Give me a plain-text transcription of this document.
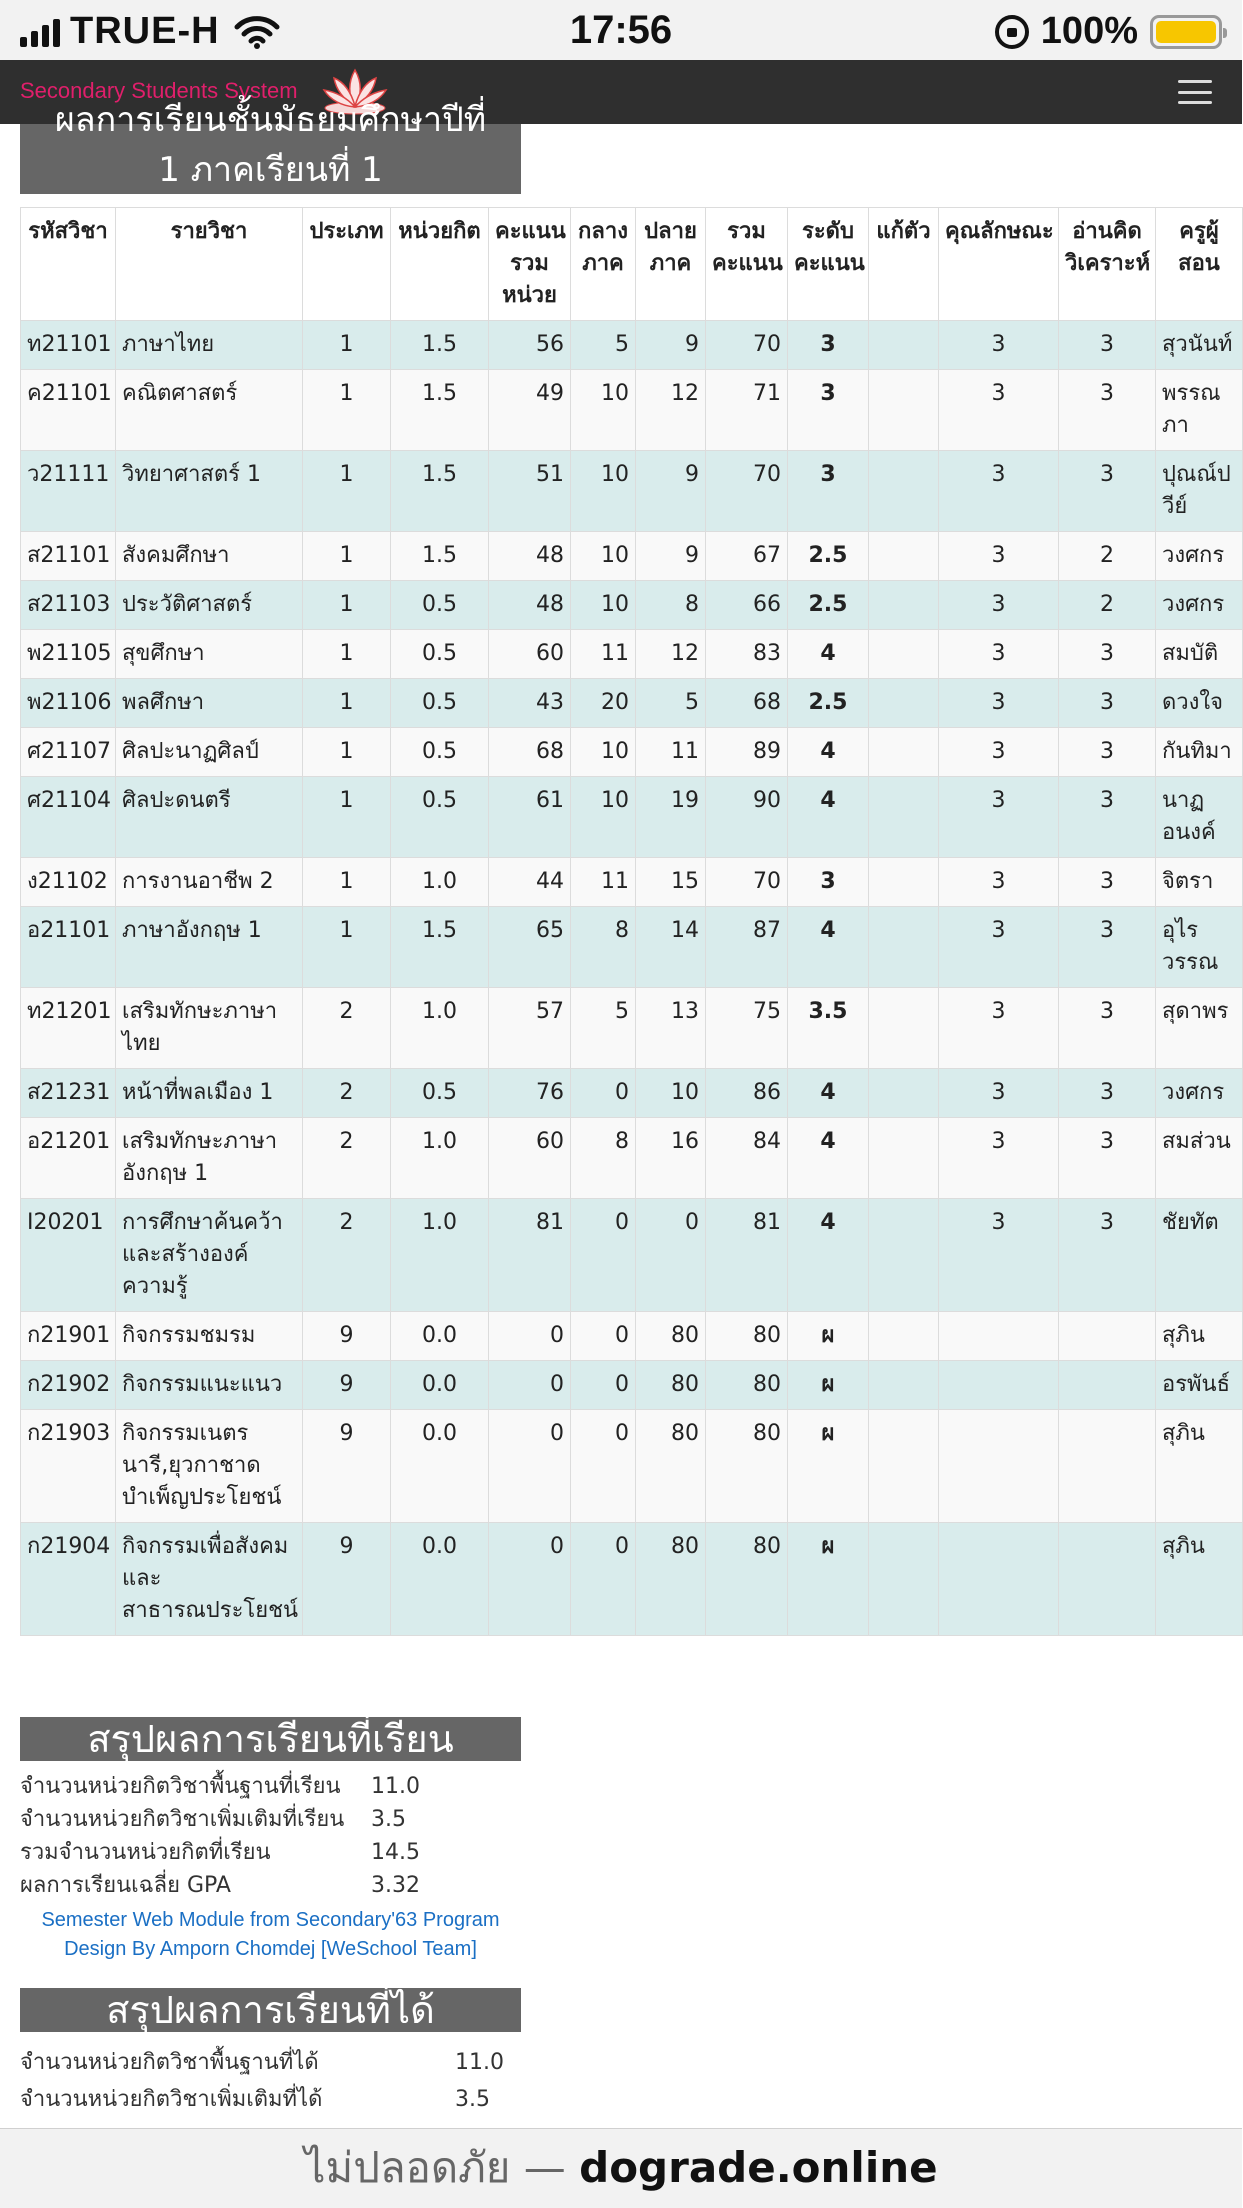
TRUE-H	17:56	100%
Secondary Students System
ผลการเรียนชั้นมัธยมศึกษาปีที่
1 ภาคเรียนที่ 1
รหัสวิชา	รายวิชา	ประเภท	หน่วยกิต	คะแนนรวมหน่วย	กลางภาค	ปลายภาค	รวมคะแนน	ระดับคะแนน	แก้ตัว	คุณลักษณะ	อ่านคิดวิเคราะห์	ครูผู้สอน
ท21101	ภาษาไทย	1	1.5	56	5	9	70	3		3	3	สุวนันท์
ค21101	คณิตศาสตร์	1	1.5	49	10	12	71	3		3	3	พรรณภา
ว21111	วิทยาศาสตร์ 1	1	1.5	51	10	9	70	3		3	3	ปุณณ์ปวีย์
ส21101	สังคมศึกษา	1	1.5	48	10	9	67	2.5		3	2	วงศกร
ส21103	ประวัติศาสตร์	1	0.5	48	10	8	66	2.5		3	2	วงศกร
พ21105	สุขศึกษา	1	0.5	60	11	12	83	4		3	3	สมบัติ
พ21106	พลศึกษา	1	0.5	43	20	5	68	2.5		3	3	ดวงใจ
ศ21107	ศิลปะนาฏศิลป์	1	0.5	68	10	11	89	4		3	3	กันทิมา
ศ21104	ศิลปะดนตรี	1	0.5	61	10	19	90	4		3	3	นาฏอนงค์
ง21102	การงานอาชีพ 2	1	1.0	44	11	15	70	3		3	3	จิตรา
อ21101	ภาษาอังกฤษ 1	1	1.5	65	8	14	87	4		3	3	อุไรวรรณ
ท21201	เสริมทักษะภาษาไทย	2	1.0	57	5	13	75	3.5		3	3	สุดาพร
ส21231	หน้าที่พลเมือง 1	2	0.5	76	0	10	86	4		3	3	วงศกร
อ21201	เสริมทักษะภาษาอังกฤษ 1	2	1.0	60	8	16	84	4		3	3	สมส่วน
I20201	การศึกษาค้นคว้าและสร้างองค์ความรู้	2	1.0	81	0	0	81	4		3	3	ชัยทัต
ก21901	กิจกรรมชมรม	9	0.0	0	0	80	80	ผ				สุภิน
ก21902	กิจกรรมแนะแนว	9	0.0	0	0	80	80	ผ				อรพันธ์
ก21903	กิจกรรมเนตรนารี,ยุวกาชาดบำเพ็ญประโยชน์	9	0.0	0	0	80	80	ผ				สุภิน
ก21904	กิจกรรมเพื่อสังคมและสาธารณประโยชน์	9	0.0	0	0	80	80	ผ				สุภิน
สรุปผลการเรียนที่เรียน
จำนวนหน่วยกิตวิชาพื้นฐานที่เรียน	11.0
จำนวนหน่วยกิตวิชาเพิ่มเติมที่เรียน	3.5
รวมจำนวนหน่วยกิตที่เรียน	14.5
ผลการเรียนเฉลี่ย GPA	3.32
Semester Web Module from Secondary'63 Program
Design By Amporn Chomdej [WeSchool Team]
สรุปผลการเรียนที่ได้
จำนวนหน่วยกิตวิชาพื้นฐานที่ได้	11.0
จำนวนหน่วยกิตวิชาเพิ่มเติมที่ได้	3.5
ไม่ปลอดภัย — dograde.online
